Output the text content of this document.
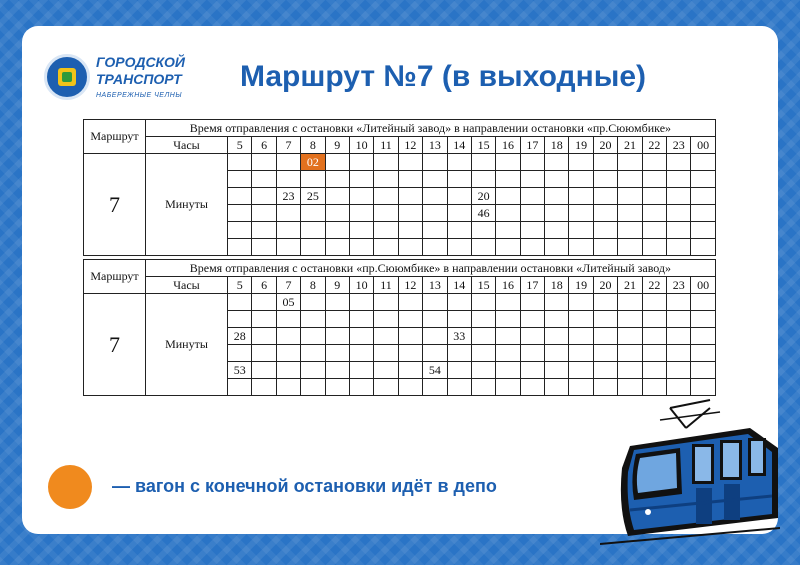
ГОРОДСКОЙ
ТРАНСПОРТ
НАБЕРЕЖНЫЕ ЧЕЛНЫ
Маршрут №7 (в выходные)
Маршрут	Время отправления с остановки «Литейный завод» в направлении остановки «пр.Сююмбике»																				
	Часы	5	6	7	8	9	10	11	12	13	14	15	16	17	18	19	20	21	22	23	00
7	Минуты				02																

				23	25							20									
												46									

Маршрут	Время отправления с остановки «пр.Сююмбике» в направлении остановки «Литейный завод»																				
	Часы	5	6	7	8	9	10	11	12	13	14	15	16	17	18	19	20	21	22	23	00
7	Минуты			05																	

		28									33										

		53								54											

— вагон с конечной остановки идёт в депо
